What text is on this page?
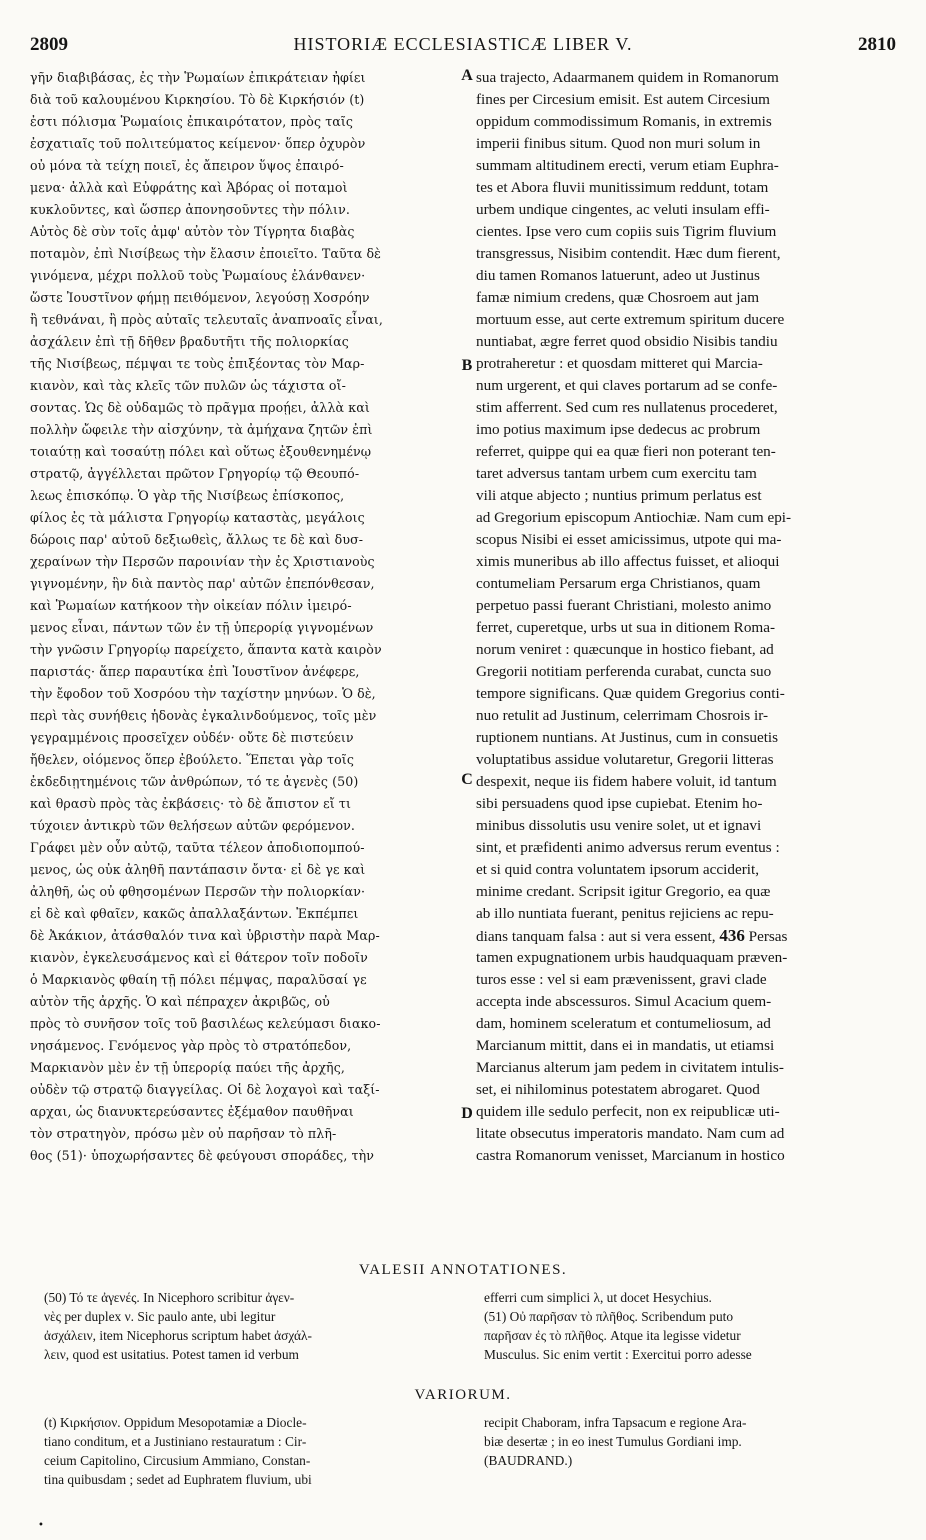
2809	HISTORIÆ ECCLESIASTICÆ LIBER V.	2810
A
B
C
D
γῆν διαβιβάσας, ἐς τὴν Ῥωμαίων ἐπικράτειαν ἠφίει
διὰ τοῦ καλουμένου Κιρκησίου. Τὸ δὲ Κιρκήσιόν (t)
ἐστι πόλισμα Ῥωμαίοις ἐπικαιρότατον, πρὸς ταῖς
ἐσχατιαῖς τοῦ πολιτεύματος κείμενον· ὅπερ ὀχυρὸν
οὐ μόνα τὰ τείχη ποιεῖ, ἐς ἄπειρον ὕψος ἐπαιρό-
μενα· ἀλλὰ καὶ Εὐφράτης καὶ Ἀβόρας οἱ ποταμοὶ
κυκλοῦντες, καὶ ὥσπερ ἀπονησοῦντες τὴν πόλιν.
Αὐτὸς δὲ σὺν τοῖς ἀμφ' αὐτὸν τὸν Τίγρητα διαβὰς
ποταμὸν, ἐπὶ Νισίβεως τὴν ἔλασιν ἐποιεῖτο. Ταῦτα δὲ
γινόμενα, μέχρι πολλοῦ τοὺς Ῥωμαίους ἐλάνθανεν·
ὥστε Ἰουστῖνον φήμῃ πειθόμενον, λεγούσῃ Χοσρόην
ἢ τεθνάναι, ἢ πρὸς αὐταῖς τελευταῖς ἀναπνοαῖς εἶναι,
ἀσχάλειν ἐπὶ τῇ δῆθεν βραδυτῆτι τῆς πολιορκίας
τῆς Νισίβεως, πέμψαι τε τοὺς ἐπιξέοντας τὸν Μαρ-
κιανὸν, καὶ τὰς κλεῖς τῶν πυλῶν ὡς τάχιστα οἴ-
σοντας. Ὡς δὲ οὐδαμῶς τὸ πρᾶγμα προῄει, ἀλλὰ καὶ
πολλὴν ὤφειλε τὴν αἰσχύνην, τὰ ἀμήχανα ζητῶν ἐπὶ
τοιαύτῃ καὶ τοσαύτῃ πόλει καὶ οὕτως ἐξουθενημένῳ
στρατῷ, ἀγγέλλεται πρῶτον Γρηγορίῳ τῷ Θεουπό-
λεως ἐπισκόπῳ. Ὁ γὰρ τῆς Νισίβεως ἐπίσκοπος,
φίλος ἐς τὰ μάλιστα Γρηγορίῳ καταστὰς, μεγάλοις
δώροις παρ' αὐτοῦ δεξιωθεὶς, ἄλλως τε δὲ καὶ δυσ-
χεραίνων τὴν Περσῶν παροινίαν τὴν ἐς Χριστιανοὺς
γιγνομένην, ἣν διὰ παντὸς παρ' αὐτῶν ἐπεπόνθεσαν,
καὶ Ῥωμαίων κατήκοον τὴν οἰκείαν πόλιν ἱμειρό-
μενος εἶναι, πάντων τῶν ἐν τῇ ὑπερορίᾳ γιγνομένων
τὴν γνῶσιν Γρηγορίῳ παρείχετο, ἅπαντα κατὰ καιρὸν
παριστάς· ἅπερ παραυτίκα ἐπὶ Ἰουστῖνον ἀνέφερε,
τὴν ἔφοδον τοῦ Χοσρόου τὴν ταχίστην μηνύων. Ὁ δὲ,
περὶ τὰς συνήθεις ἡδονὰς ἐγκαλινδούμενος, τοῖς μὲν
γεγραμμένοις προσεῖχεν οὐδέν· οὔτε δὲ πιστεύειν
ἤθελεν, οἰόμενος ὅπερ ἐβούλετο. Ἕπεται γὰρ τοῖς
ἐκδεδιῃτημένοις τῶν ἀνθρώπων, τό τε ἀγενὲς (50)
καὶ θρασὺ πρὸς τὰς ἐκβάσεις· τὸ δὲ ἄπιστον εἴ τι
τύχοιεν ἀντικρὺ τῶν θελήσεων αὐτῶν φερόμενον.
Γράφει μὲν οὖν αὐτῷ, ταῦτα τέλεον ἀποδιοπομπού-
μενος, ὡς οὐκ ἀληθῆ παντάπασιν ὄντα· εἰ δὲ γε καὶ
ἀληθῆ, ὡς οὐ φθησομένων Περσῶν τὴν πολιορκίαν·
εἰ δὲ καὶ φθαῖεν, κακῶς ἀπαλλαξάντων. Ἐκπέμπει
δὲ Ἀκάκιον, ἀτάσθαλόν τινα καὶ ὑβριστὴν παρὰ Μαρ-
κιανὸν, ἐγκελευσάμενος καὶ εἰ θάτερον τοῖν ποδοῖν
ὁ Μαρκιανὸς φθαίη τῇ πόλει πέμψας, παραλῦσαί γε
αὐτὸν τῆς ἀρχῆς. Ὁ καὶ πέπραχεν ἀκριβῶς, οὐ
πρὸς τὸ συνῆσον τοῖς τοῦ βασιλέως κελεύμασι διακο-
νησάμενος. Γενόμενος γὰρ πρὸς τὸ στρατόπεδον,
Μαρκιανὸν μὲν ἐν τῇ ὑπερορίᾳ παύει τῆς ἀρχῆς,
οὐδὲν τῷ στρατῷ διαγγείλας. Οἱ δὲ λοχαγοὶ καὶ ταξί-
αρχαι, ὡς διανυκτερεύσαντες ἐξέμαθον παυθῆναι
τὸν στρατηγὸν, πρόσω μὲν οὐ παρῆσαν τὸ πλῆ-
θος (51)· ὑποχωρήσαντες δὲ φεύγουσι σποράδες, τὴν
sua trajecto, Adaarmanem quidem in Romanorum
fines per Circesium emisit. Est autem Circesium
oppidum commodissimum Romanis, in extremis
imperii finibus situm. Quod non muri solum in
summam altitudinem erecti, verum etiam Euphra-
tes et Abora fluvii munitissimum reddunt, totam
urbem undique cingentes, ac veluti insulam effi-
cientes. Ipse vero cum copiis suis Tigrim fluvium
transgressus, Nisibim contendit. Hæc dum fierent,
diu tamen Romanos latuerunt, adeo ut Justinus
famæ nimium credens, quæ Chosroem aut jam
mortuum esse, aut certe extremum spiritum ducere
nuntiabat, ægre ferret quod obsidio Nisibis tandiu
protraheretur : et quosdam mitteret qui Marcia-
num urgerent, et qui claves portarum ad se confe-
stim afferrent. Sed cum res nullatenus procederet,
imo potius maximum ipse dedecus ac probrum
referret, quippe qui ea quæ fieri non poterant ten-
taret adversus tantam urbem cum exercitu tam
vili atque abjecto ; nuntius primum perlatus est
ad Gregorium episcopum Antiochiæ. Nam cum epi-
scopus Nisibi ei esset amicissimus, utpote qui ma-
ximis muneribus ab illo affectus fuisset, et alioqui
contumeliam Persarum erga Christianos, quam
perpetuo passi fuerant Christiani, molesto animo
ferret, cuperetque, urbs ut sua in ditionem Roma-
norum veniret : quæcunque in hostico fiebant, ad
Gregorii notitiam perferenda curabat, cuncta suo
tempore significans. Quæ quidem Gregorius conti-
nuo retulit ad Justinum, celerrimam Chosrois ir-
ruptionem nuntians. At Justinus, cum in consuetis
voluptatibus assidue volutaretur, Gregorii litteras
despexit, neque iis fidem habere voluit, id tantum
sibi persuadens quod ipse cupiebat. Etenim ho-
minibus dissolutis usu venire solet, ut et ignavi
sint, et præfidenti animo adversus rerum eventus :
et si quid contra voluntatem ipsorum acciderit,
minime credant. Scripsit igitur Gregorio, ea quæ
ab illo nuntiata fuerant, penitus rejiciens ac repu-
dians tanquam falsa : aut si vera essent, 436 Persas
tamen expugnationem urbis haudquaquam præven-
turos esse : vel si eam prævenissent, gravi clade
accepta inde abscessuros. Simul Acacium quem-
dam, hominem sceleratum et contumeliosum, ad
Marcianum mittit, dans ei in mandatis, ut etiamsi
Marcianus alterum jam pedem in civitatem intulis-
set, ei nihilominus potestatem abrogaret. Quod
quidem ille sedulo perfecit, non ex reipublicæ uti-
litate obsecutus imperatoris mandato. Nam cum ad
castra Romanorum venisset, Marcianum in hostico
VALESII ANNOTATIONES.
(50) Τό τε ἀγενές. In Nicephoro scribitur ἀγεν-
νὲς per duplex ν. Sic paulo ante, ubi legitur
ἀσχάλειν, item Nicephorus scriptum habet ἀσχάλ-
λειν, quod est usitatius. Potest tamen id verbum
efferri cum simplici λ, ut docet Hesychius.
(51) Οὐ παρῆσαν τὸ πλῆθος. Scribendum puto
παρῆσαν ἐς τὸ πλῆθος. Atque ita legisse videtur
Musculus. Sic enim vertit : Exercitui porro adesse
VARIORUM.
(t) Κιρκήσιον. Oppidum Mesopotamiæ a Diocle-
tiano conditum, et a Justiniano restauratum : Cir-
ceium Capitolino, Circusium Ammiano, Constan-
tina quibusdam ; sedet ad Euphratem fluvium, ubi
recipit Chaboram, infra Tapsacum e regione Ara-
biæ desertæ ; in eo inest Tumulus Gordiani imp.
(BAUDRAND.)
•
